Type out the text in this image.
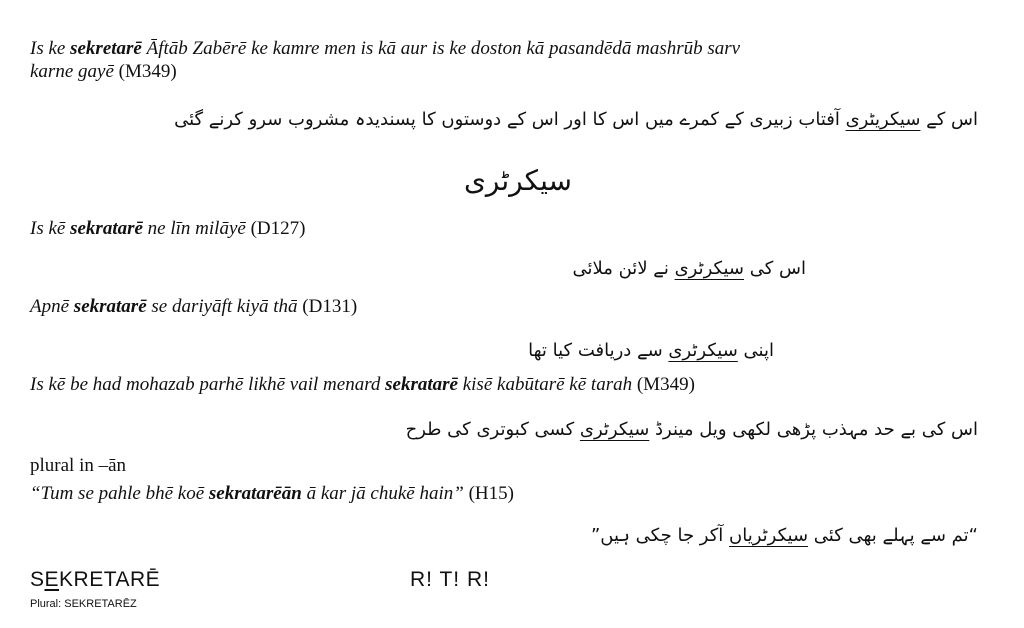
Is ke sekretarē Āftāb Zabērē ke kamre men is kā aur is ke doston kā pasandēdā mashrūb sarv
karne gayē (M349)
اس کے سیکریٹری آفتاب زبیری کے کمرے میں اس کا اور اس کے دوستوں کا پسندیدہ مشروب سرو کرنے گئی
سیکرٹری
Is kē sekratarē ne līn milāyē (D127)
اس کی سیکرٹری نے لائن ملائی
Apnē sekratarē se dariyāft kiyā thā (D131)
اپنی سیکرٹری سے دریافت کیا تھا
Is kē be had mohazab parhē likhē vail menard sekratarē kisē kabūtarē kē tarah (M349)
اس کی بے حد مہذب پڑھی لکھی ویل مینرڈ سیکرٹری کسی کبوتری کی طرح
plural in –ān
“Tum se pahle bhē koē sekratarēān ā kar jā chukē hain” (H15)
“تم سے پہلے بھی کئی سیکرٹریاں آکر جا چکی ہیں”
SEKRETARĒ
Plural: SEKRETARĒZ
R! T! R!
